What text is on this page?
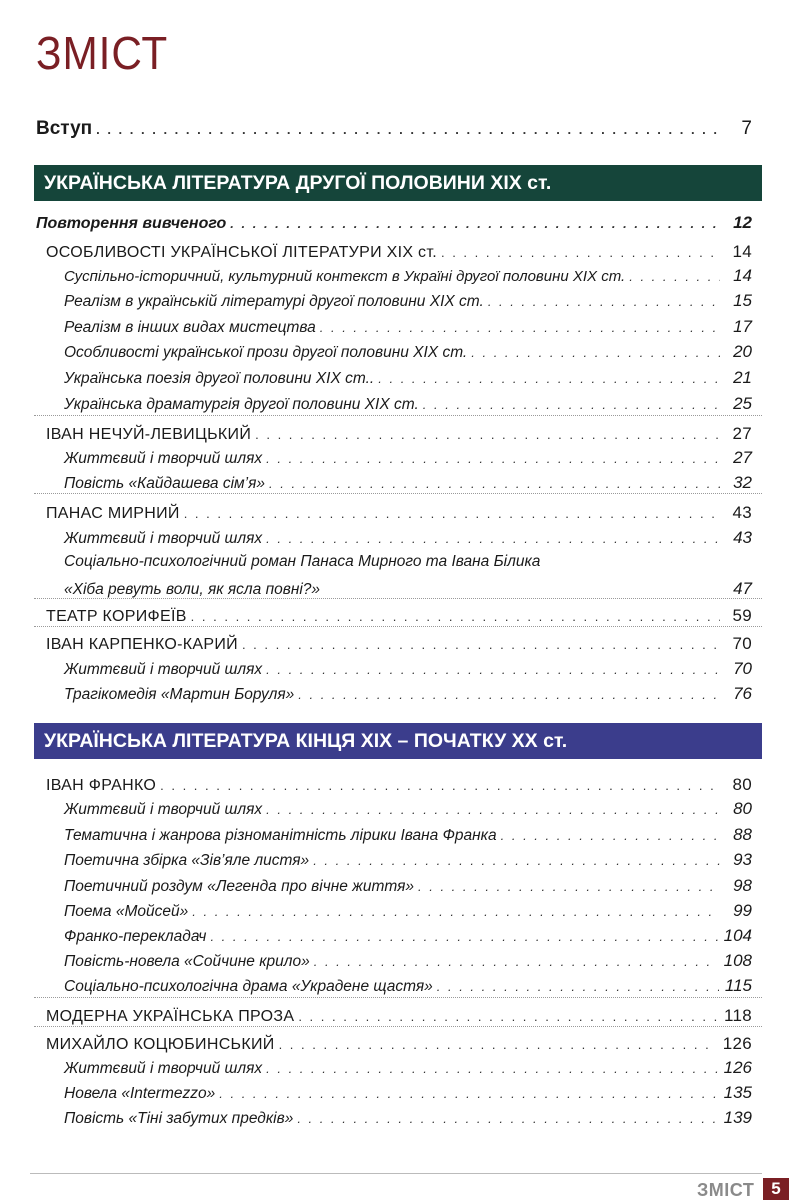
ЗМІСТ
Вступ . . .	7
УКРАЇНСЬКА ЛІТЕРАТУРА ДРУГОЇ ПОЛОВИНИ ХІХ ст.
Повторення вивченого . . .	12
ОСОБЛИВОСТІ УКРАЇНСЬКОЇ ЛІТЕРАТУРИ ХІХ ст. . . .	14
Суспільно-історичний, культурний контекст в Україні другої половини ХІХ ст. . . .	14
Реалізм в українській літературі другої половини ХІХ ст. . . .	15
Реалізм в інших видах мистецтва . . .	17
Особливості української прози другої половини ХІХ ст. . . .	20
Українська поезія другої половини ХІХ ст.. . . .	21
Українська драматургія другої половини ХІХ ст. . . .	25
ІВАН НЕЧУЙ-ЛЕВИЦЬКИЙ . . .	27
Життєвий і творчий шлях . . .	27
Повість «Кайдашева сім’я» . . .	32
ПАНАС МИРНИЙ . . .	43
Життєвий і творчий шлях . . .	43
Соціально-психологічний роман Панаса Мирного та Івана Білика
«Хіба ревуть воли, як ясла повні?»	47
ТЕАТР КОРИФЕЇВ . . .	59
ІВАН КАРПЕНКО-КАРИЙ . . .	70
Життєвий і творчий шлях . . .	70
Трагікомедія «Мартин Боруля» . . .	76
УКРАЇНСЬКА ЛІТЕРАТУРА КІНЦЯ ХІХ – ПОЧАТКУ ХХ ст.
ІВАН ФРАНКО . . .	80
Життєвий і творчий шлях . . .	80
Тематична і жанрова різноманітність лірики Івана Франка . . .	88
Поетична збірка «Зів’яле листя» . . .	93
Поетичний роздум «Легенда про вічне життя» . . .	98
Поема «Мойсей» . . .	99
Франко-перекладач . . .	104
Повість-новела «Сойчине крило» . . .	108
Соціально-психологічна драма «Украдене щастя» . . .	115
МОДЕРНА УКРАЇНСЬКА ПРОЗА . . .	118
МИХАЙЛО КОЦЮБИНСЬКИЙ . . .	126
Життєвий і творчий шлях . . .	126
Новела «Intermezzo» . . .	135
Повість «Тіні забутих предків» . . .	139
ЗМІСТ 5
